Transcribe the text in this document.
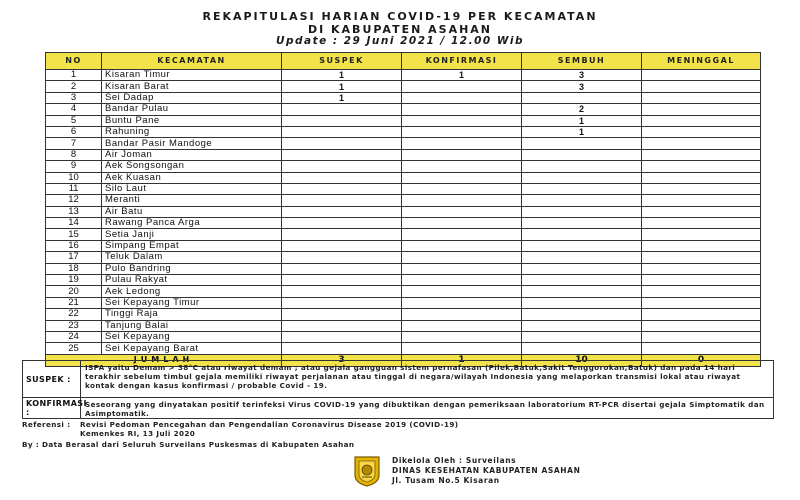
REKAPITULASI HARIAN COVID-19 PER KECAMATAN
DI KABUPATEN ASAHAN
Update : 29 Juni 2021 / 12.00 Wib
NO	KECAMATAN	SUSPEK	KONFIRMASI	SEMBUH	MENINGGAL
1	Kisaran Timur	1	1	3	
2	Kisaran Barat	1		3	
3	Sei Dadap	1			
4	Bandar Pulau			2	
5	Buntu Pane			1	
6	Rahuning			1	
7	Bandar Pasir Mandoge				
8	Air Joman				
9	Aek Songsongan				
10	Aek Kuasan				
11	Silo Laut				
12	Meranti				
13	Air Batu				
14	Rawang Panca Arga				
15	Setia Janji				
16	Simpang Empat				
17	Teluk Dalam				
18	Pulo Bandring				
19	Pulau Rakyat				
20	Aek Ledong				
21	Sei Kepayang Timur				
22	Tinggi Raja				
23	Tanjung Balai				
24	Sei Kepayang				
25	Sei Kepayang Barat				
JUMLAH		3	1	10	0
SUSPEK :
ISPA yaitu Demam > 38°C atau riwayat demam ; atau gejala gangguan sistem pernafasan (Pilek,Batuk,Sakit Tenggorokan,Batuk) dan pada 14 hari terakhir sebelum timbul gejala memiliki riwayat perjalanan atau tinggal di negara/wilayah Indonesia yang melaporkan transmisi lokal atau riwayat kontak dengan kasus konfirmasi / probable Covid - 19.
KONFIRMASI :
Seseorang yang dinyatakan positif terinfeksi Virus COVID-19 yang dibuktikan dengan pemeriksaan laboratorium RT-PCR disertai gejala Simptomatik dan Asimptomatik.
Referensi :	Revisi Pedoman Pencegahan dan Pengendalian Coronavirus Disease 2019 (COVID-19)
Kemenkes RI, 13 Juli 2020
By : Data Berasal dari Seluruh Surveilans Puskesmas di Kabupaten Asahan
Dikelola Oleh : Surveilans
DINAS KESEHATAN KABUPATEN ASAHAN
Jl. Tusam No.5 Kisaran
